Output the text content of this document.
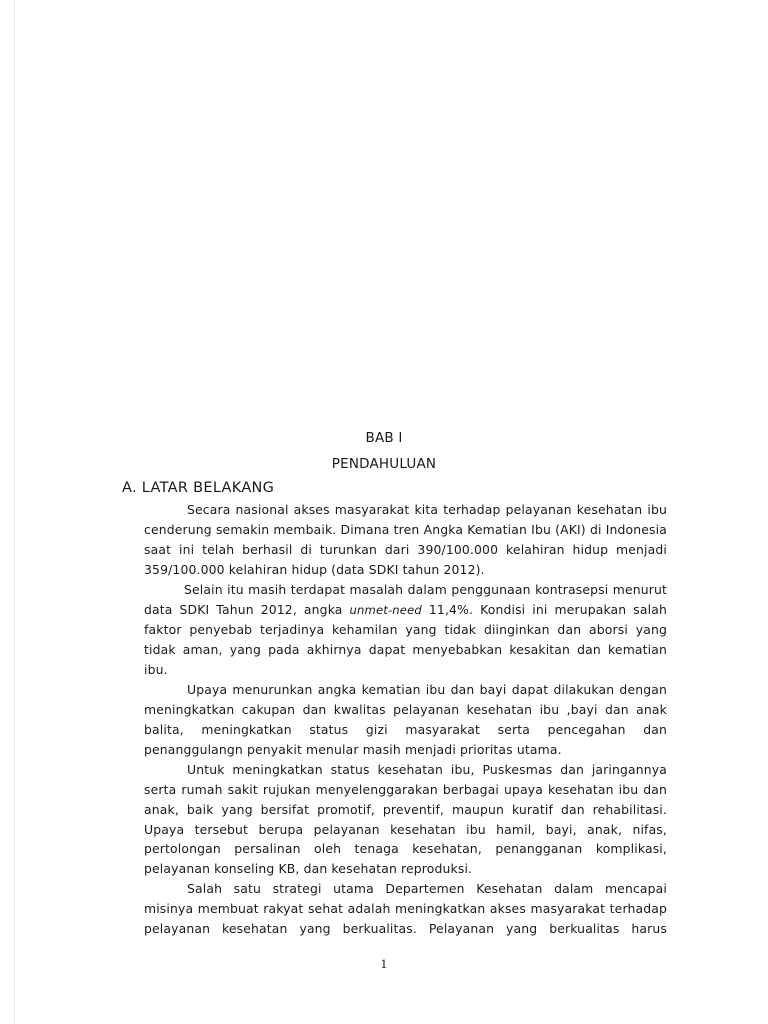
BAB I
PENDAHULUAN
A. LATAR BELAKANG

Secara nasional akses masyarakat kita terhadap pelayanan kesehatan ibu cenderung semakin membaik. Dimana tren Angka Kematian Ibu (AKI) di Indonesia saat ini telah berhasil di turunkan dari 390/100.000 kelahiran hidup menjadi 359/100.000 kelahiran hidup (data SDKI tahun 2012).

Selain itu masih terdapat masalah dalam penggunaan kontrasepsi menurut data SDKI Tahun 2012, angka unmet-need 11,4%. Kondisi ini merupakan salah faktor penyebab terjadinya kehamilan yang tidak diinginkan dan aborsi yang tidak aman, yang pada akhirnya dapat menyebabkan kesakitan dan kematian ibu.

Upaya menurunkan angka kematian ibu dan bayi dapat dilakukan dengan meningkatkan cakupan dan kwalitas pelayanan kesehatan ibu ,bayi dan anak balita, meningkatkan status gizi masyarakat serta pencegahan dan penanggulangn penyakit menular masih menjadi prioritas utama.

Untuk meningkatkan status kesehatan ibu, Puskesmas dan jaringannya serta rumah sakit rujukan menyelenggarakan berbagai upaya kesehatan ibu dan anak, baik yang bersifat promotif, preventif, maupun kuratif dan rehabilitasi. Upaya tersebut berupa pelayanan kesehatan ibu hamil, bayi, anak, nifas, pertolongan persalinan oleh tenaga kesehatan, penangganan komplikasi, pelayanan konseling KB, dan kesehatan reproduksi.

Salah satu strategi utama Departemen Kesehatan dalam mencapai misinya membuat rakyat sehat adalah meningkatkan akses masyarakat terhadap pelayanan kesehatan yang berkualitas. Pelayanan yang berkualitas harus

1
